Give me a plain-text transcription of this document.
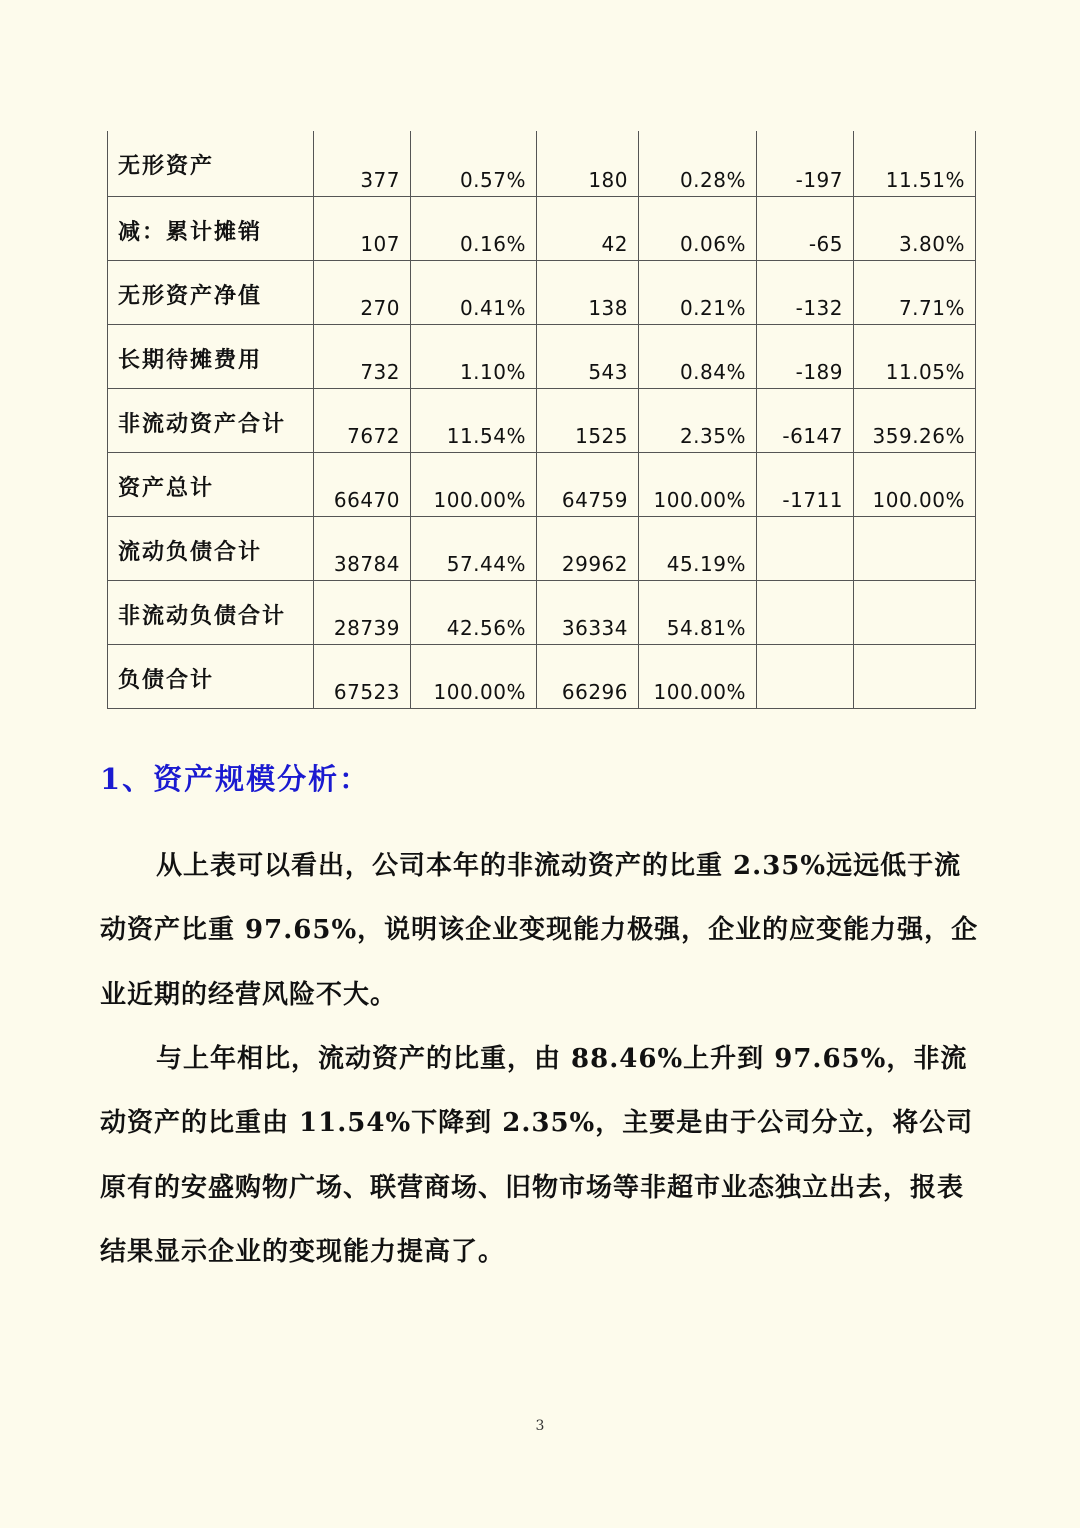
无形资产	377	0.57%	180	0.28%	-197	11.51%
减：累计摊销	107	0.16%	42	0.06%	-65	3.80%
无形资产净值	270	0.41%	138	0.21%	-132	7.71%
长期待摊费用	732	1.10%	543	0.84%	-189	11.05%
非流动资产合计	7672	11.54%	1525	2.35%	-6147	359.26%
资产总计	66470	100.00%	64759	100.00%	-1711	100.00%
流动负债合计	38784	57.44%	29962	45.19%		
非流动负债合计	28739	42.56%	36334	54.81%		
负债合计	67523	100.00%	66296	100.00%		
1、资产规模分析：

从上表可以看出，公司本年的非流动资产的比重 2.35%远远低于流动资产比重 97.65%，说明该企业变现能力极强，企业的应变能力强，企业近期的经营风险不大。

与上年相比，流动资产的比重，由 88.46%上升到 97.65%，非流动资产的比重由 11.54%下降到 2.35%，主要是由于公司分立，将公司原有的安盛购物广场、联营商场、旧物市场等非超市业态独立出去，报表结果显示企业的变现能力提高了。

3
